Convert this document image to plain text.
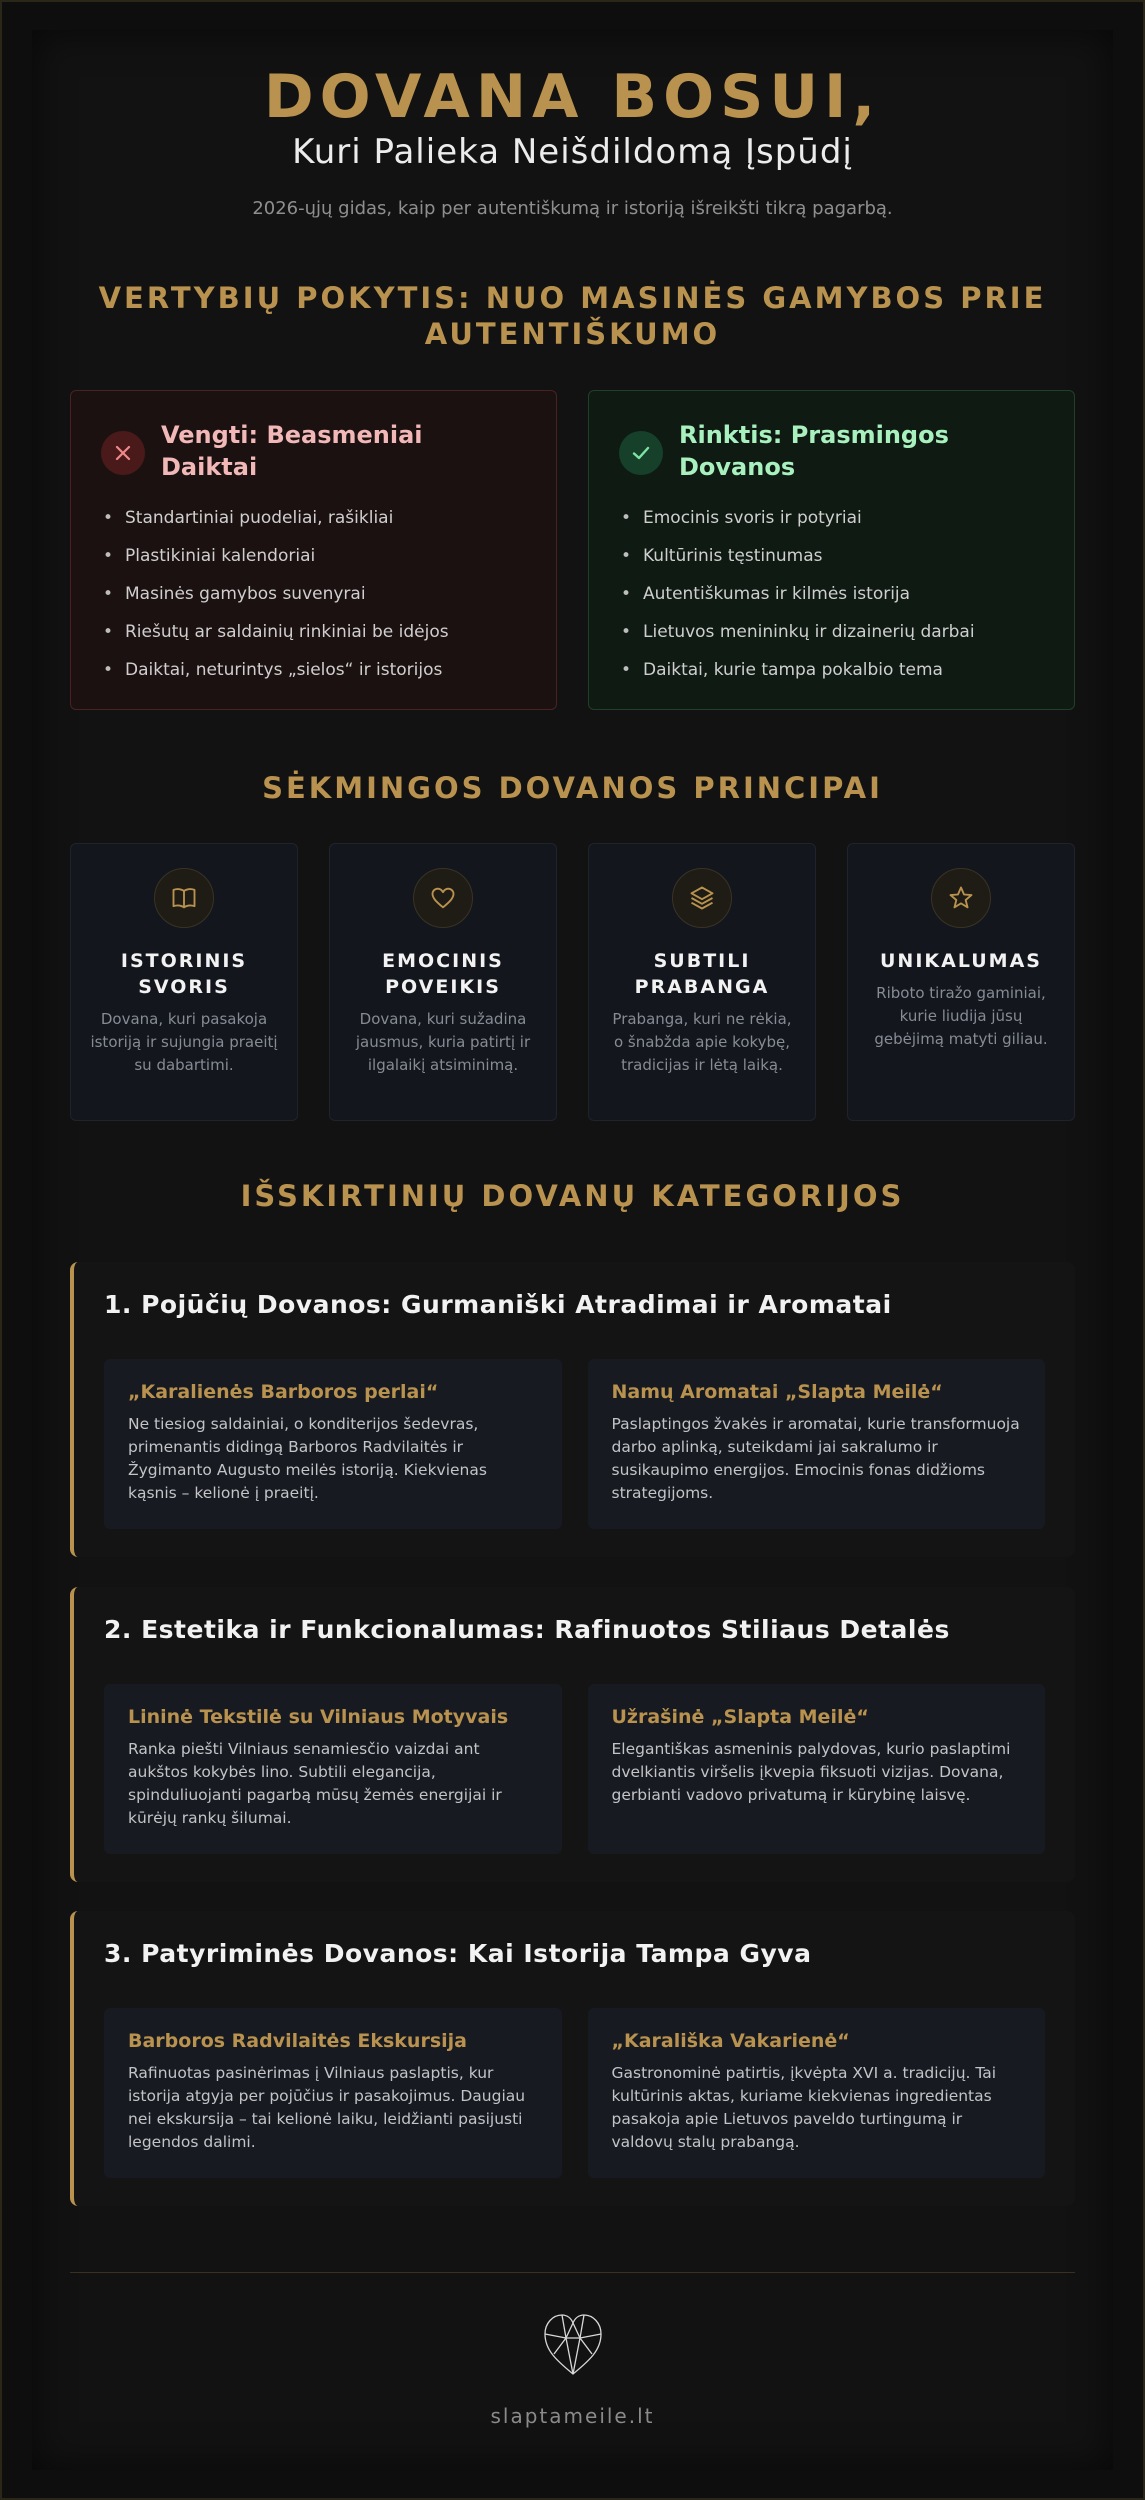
DOVANA BOSUI,
Kuri Palieka Neišdildomą Įspūdį

2026-ųjų gidas, kaip per autentiškumą ir istoriją išreikšti tikrą pagarbą.

VERTYBIŲ POKYTIS: NUO MASINĖS GAMYBOS PRIE AUTENTIŠKUMO
Vengti: Beasmeniai Daiktai
• Standartiniai puodeliai, rašikliai
• Plastikiniai kalendoriai
• Masinės gamybos suvenyrai
• Riešutų ar saldainių rinkiniai be idėjos
• Daiktai, neturintys „sielos“ ir istorijos
Rinktis: Prasmingos Dovanos
• Emocinis svoris ir potyriai
• Kultūrinis tęstinumas
• Autentiškumas ir kilmės istorija
• Lietuvos menininkų ir dizainerių darbai
• Daiktai, kurie tampa pokalbio tema
SĖKMINGOS DOVANOS PRINCIPAI
ISTORINIS SVORIS
Dovana, kuri pasakoja istoriją ir sujungia praeitį su dabartimi.
EMOCINIS POVEIKIS
Dovana, kuri sužadina jausmus, kuria patirtį ir ilgalaikį atsiminimą.
SUBTILI PRABANGA
Prabanga, kuri ne rėkia, o šnabžda apie kokybę, tradicijas ir lėtą laiką.
UNIKALUMAS
Riboto tiražo gaminiai, kurie liudija jūsų gebėjimą matyti giliau.
IŠSKIRTINIŲ DOVANŲ KATEGORIJOS
1. Pojūčių Dovanos: Gurmaniški Atradimai ir Aromatai
„Karalienės Barboros perlai“
Ne tiesiog saldainiai, o konditerijos šedevras, primenantis didingą Barboros Radvilaitės ir Žygimanto Augusto meilės istoriją. Kiekvienas kąsnis – kelionė į praeitį.
Namų Aromatai „Slapta Meilė“
Paslaptingos žvakės ir aromatai, kurie transformuoja darbo aplinką, suteikdami jai sakralumo ir susikaupimo energijos. Emocinis fonas didžioms strategijoms.
2. Estetika ir Funkcionalumas: Rafinuotos Stiliaus Detalės
Lininė Tekstilė su Vilniaus Motyvais
Ranka piešti Vilniaus senamiesčio vaizdai ant aukštos kokybės lino. Subtili elegancija, spinduliuojanti pagarbą mūsų žemės energijai ir kūrėjų rankų šilumai.
Užrašinė „Slapta Meilė“
Elegantiškas asmeninis palydovas, kurio paslaptimi dvelkiantis viršelis įkvepia fiksuoti vizijas. Dovana, gerbianti vadovo privatumą ir kūrybinę laisvę.
3. Patyriminės Dovanos: Kai Istorija Tampa Gyva
Barboros Radvilaitės Ekskursija
Rafinuotas pasinėrimas į Vilniaus paslaptis, kur istorija atgyja per pojūčius ir pasakojimus. Daugiau nei ekskursija – tai kelionė laiku, leidžianti pasijusti legendos dalimi.
„Karališka Vakarienė“
Gastronominė patirtis, įkvėpta XVI a. tradicijų. Tai kultūrinis aktas, kuriame kiekvienas ingredientas pasakoja apie Lietuvos paveldo turtingumą ir valdovų stalų prabangą.
slaptameile.lt
